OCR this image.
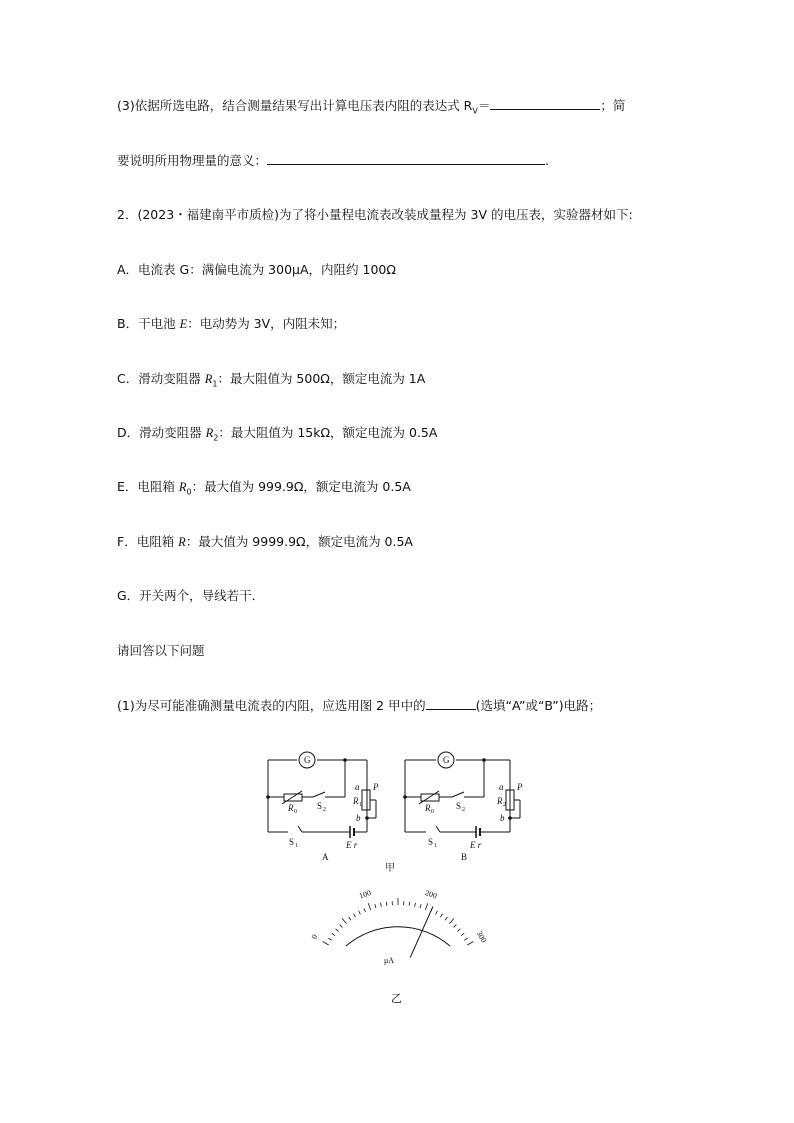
(3)依据所选电路，结合测量结果写出计算电压表内阻的表达式 $R_V=$	；简
要说明所用物理量的意义：	.
2．(2023・福建南平市质检)为了将小量程电流表改装成量程为 3V 的电压表，实验器材如下:
A．电流表 G：满偏电流为 300μA，内阻约 100Ω
B．干电池 E：电动势为 3V，内阻未知；
C．滑动变阻器 $R_1$：最大阻值为 500Ω，额定电流为 1A
D．滑动变阻器 $R_2$：最大阻值为 15kΩ，额定电流为 0.5A
E．电阻箱 $R_0$：最大值为 999.9Ω，额定电流为 0.5A
F．电阻箱 R：最大值为 9999.9Ω，额定电流为 0.5A
G．开关两个，导线若干．
请回答以下问题
(1)为尽可能准确测量电流表的内阻，应选用图 2 甲中的	(选填“A”或“B”)电路；
G	G
R 0	R 0
S 2	S 2
S 1	S 1
E r	E r
a
b
P
R 1
a
b
P
R 2
A	B
甲
μA
乙
0
100	200
300
